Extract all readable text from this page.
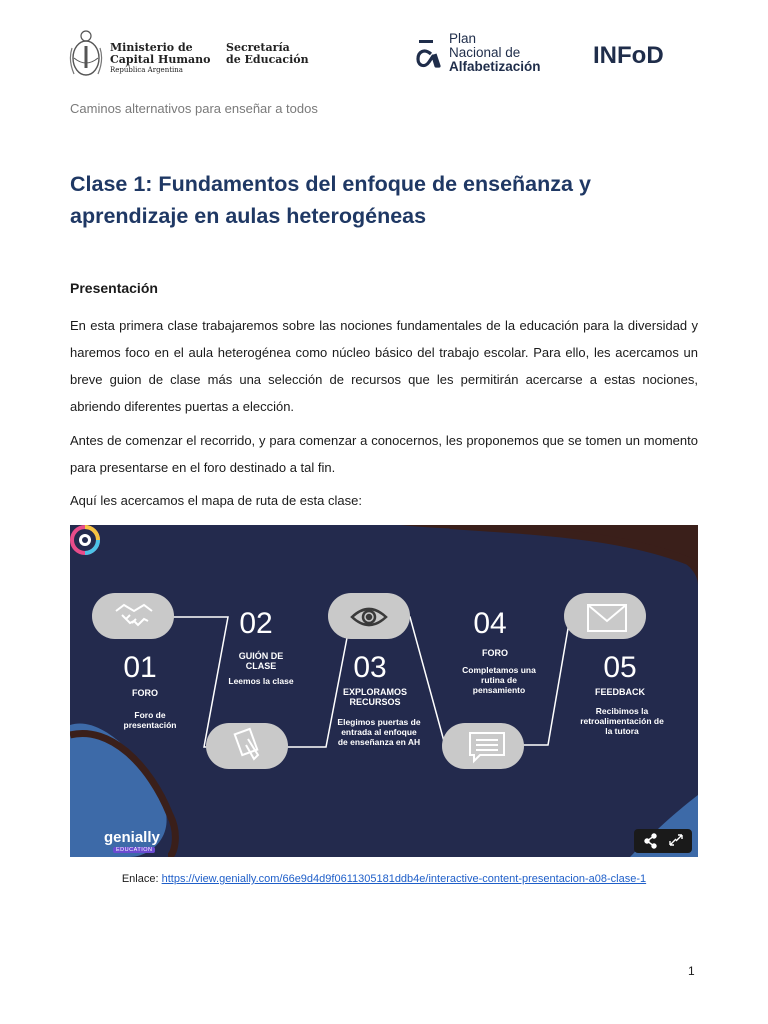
Ministerio de
Capital Humano
República Argentina
Secretaría
de Educación
Plan
Nacional de
Alfabetización INFoD
Caminos alternativos para enseñar a todos
Clase 1: Fundamentos del enfoque de enseñanza y aprendizaje en aulas heterogéneas
Presentación

En esta primera clase trabajaremos sobre las nociones fundamentales de la educación para la diversidad y haremos foco en el aula heterogénea como núcleo básico del trabajo escolar. Para ello, les acercamos un breve guion de clase más una selección de recursos que les permitirán acercarse a estas nociones, abriendo diferentes puertas a elección.

Antes de comenzar el recorrido, y para comenzar a conocernos, les proponemos que se tomen un momento para presentarse en el foro destinado a tal fin.

Aquí les acercamos el mapa de ruta de esta clase:

01
FORO
Foro de presentación
02
GUIÓN DE CLASE
Leemos la clase	03
EXPLORAMOS RECURSOS
Elegimos puertas de entrada al enfoque de enseñanza en AH
04
FORO
Completamos una rutina de pensamiento
05
FEEDBACK
Recibimos la retroalimentación de la tutora
genially
EDUCATION
Enlace: https://view.genially.com/66e9d4d9f0611305181ddb4e/interactive-content-presentacion-a08-clase-1
1
